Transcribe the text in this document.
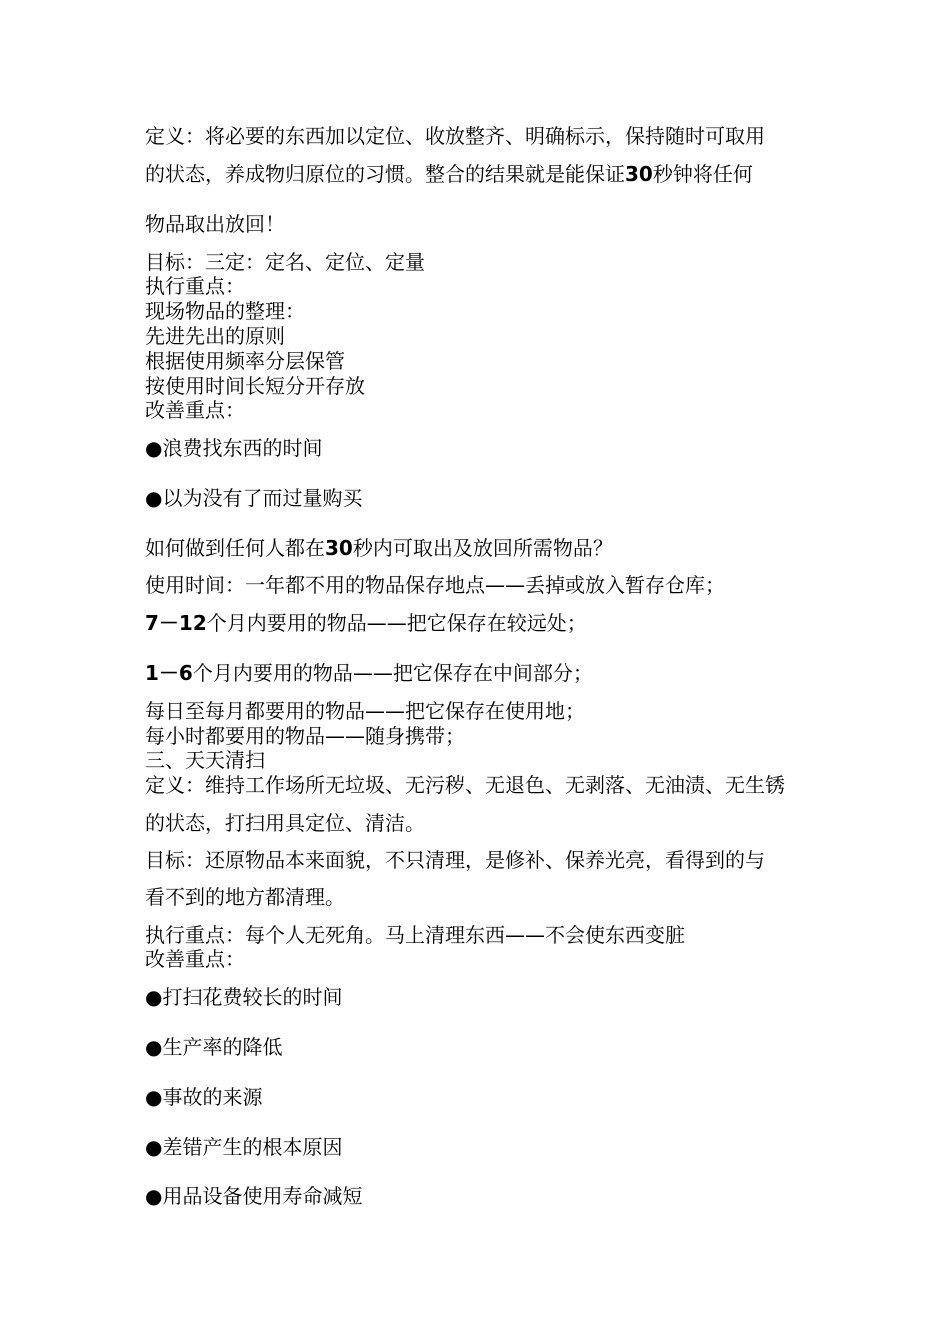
定义：将必要的东西加以定位、收放整齐、明确标示，保持随时可取用

的状态，养成物归原位的习惯。整合的结果就是能保证30秒钟将任何

物品取出放回！

目标：三定：定名、定位、定量

执行重点：

现场物品的整理：

先进先出的原则

根据使用频率分层保管

按使用时间长短分开存放

改善重点：

●浪费找东西的时间

●以为没有了而过量购买

如何做到任何人都在30秒内可取出及放回所需物品？

使用时间：一年都不用的物品保存地点——丢掉或放入暂存仓库；

7－12个月内要用的物品——把它保存在较远处；

1－6个月内要用的物品——把它保存在中间部分；

每日至每月都要用的物品——把它保存在使用地；

每小时都要用的物品——随身携带；

三、天天清扫

定义：维持工作场所无垃圾、无污秽、无退色、无剥落、无油渍、无生锈

的状态，打扫用具定位、清洁。

目标：还原物品本来面貌，不只清理，是修补、保养光亮，看得到的与

看不到的地方都清理。

执行重点：每个人无死角。马上清理东西——不会使东西变脏

改善重点：

●打扫花费较长的时间

●生产率的降低

●事故的来源

●差错产生的根本原因

●用品设备使用寿命减短
